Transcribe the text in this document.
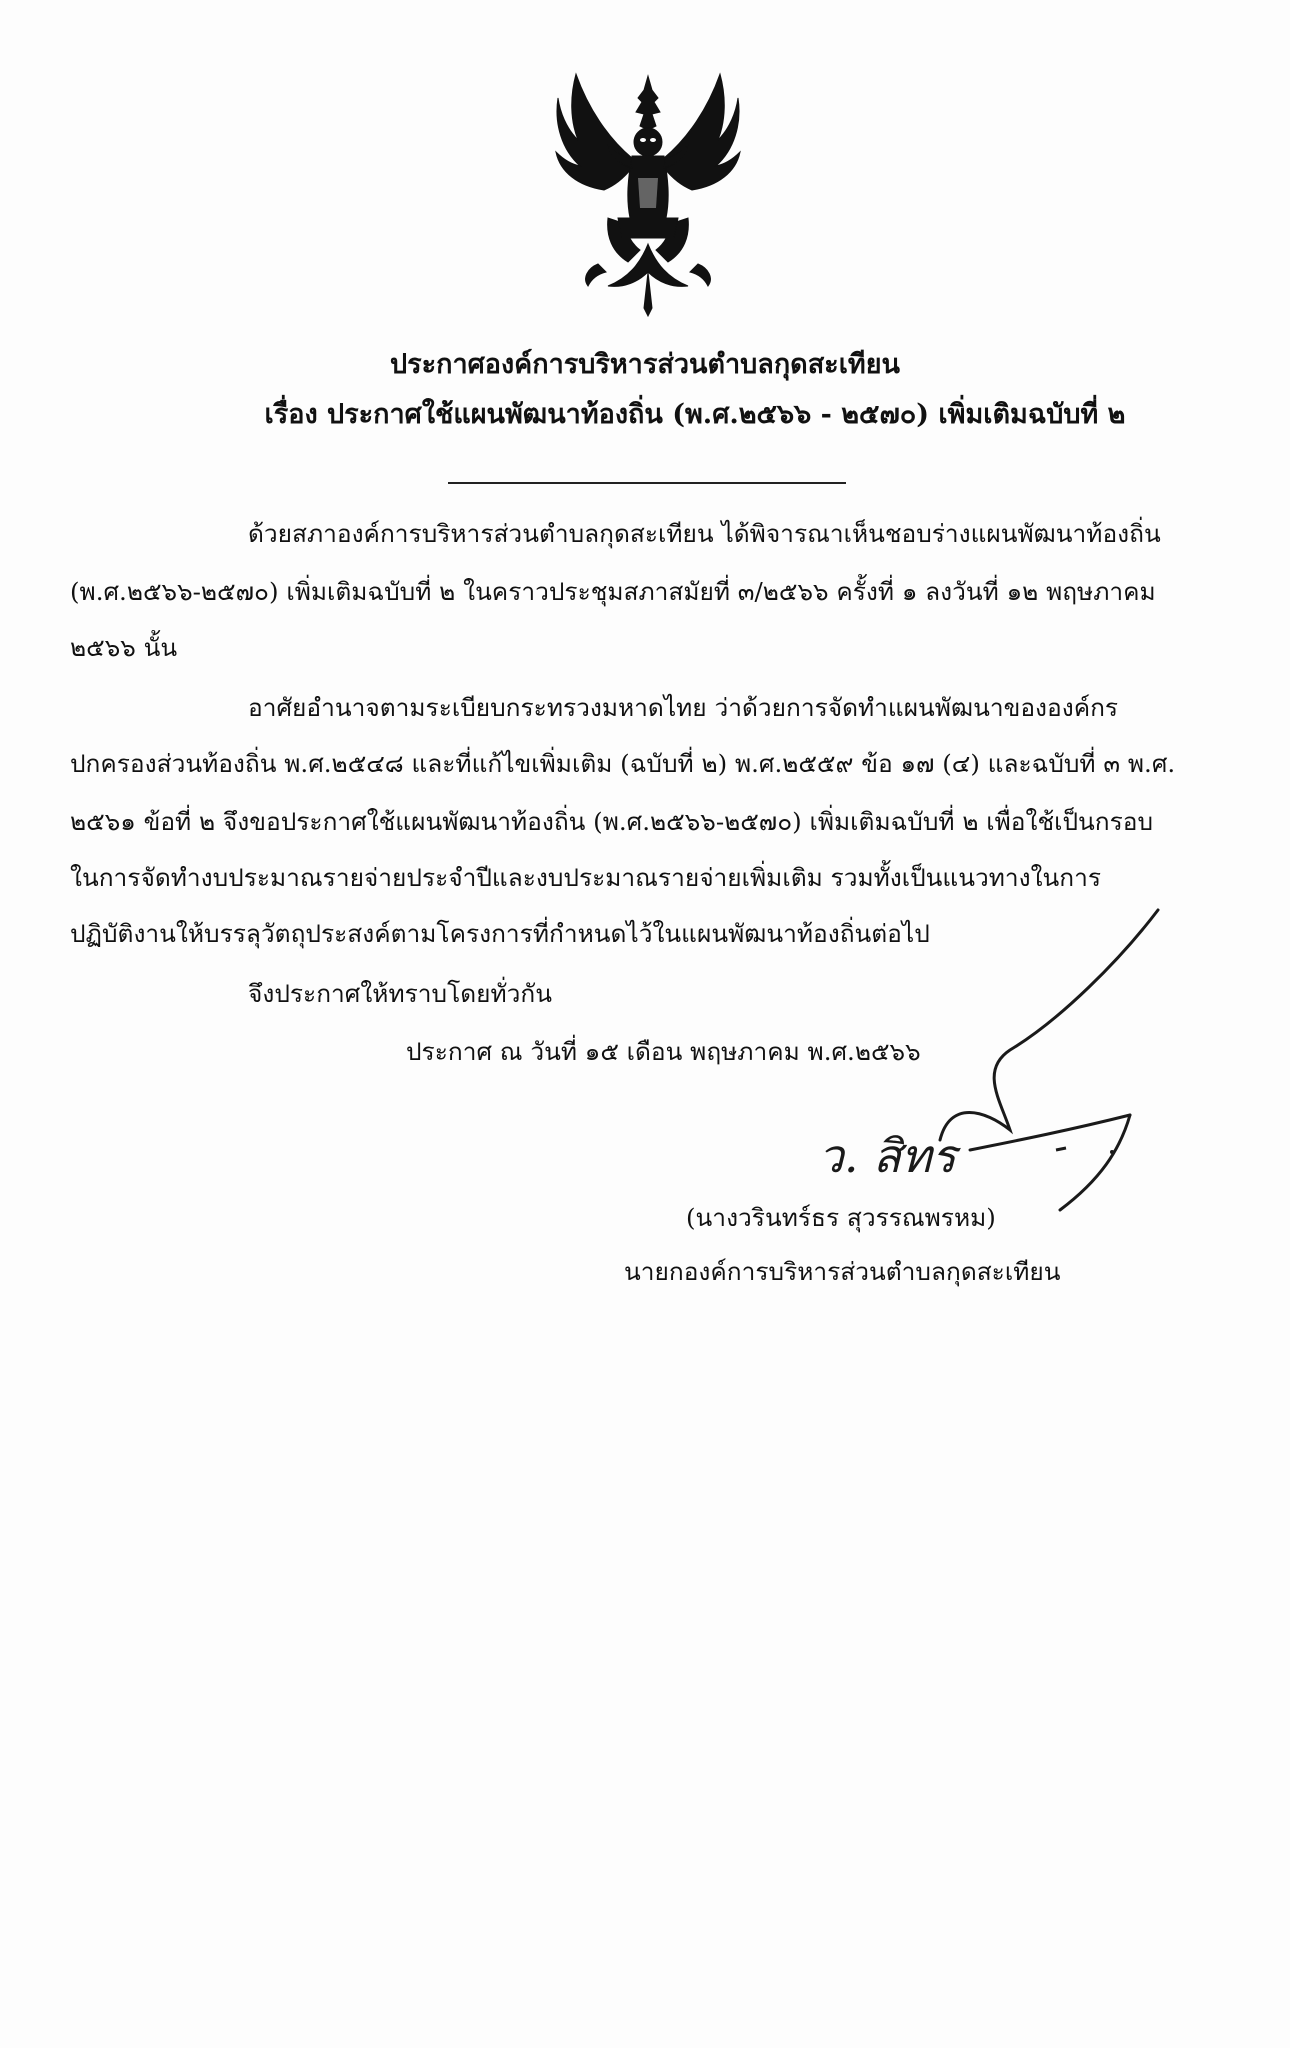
ประกาศองค์การบริหารส่วนตำบลกุดสะเทียน
เรื่อง ประกาศใช้แผนพัฒนาท้องถิ่น (พ.ศ.๒๕๖๖ - ๒๕๗๐) เพิ่มเติมฉบับที่ ๒
ด้วยสภาองค์การบริหารส่วนตำบลกุดสะเทียน ได้พิจารณาเห็นชอบร่างแผนพัฒนาท้องถิ่น
(พ.ศ.๒๕๖๖-๒๕๗๐) เพิ่มเติมฉบับที่ ๒ ในคราวประชุมสภาสมัยที่ ๓/๒๕๖๖ ครั้งที่ ๑ ลงวันที่ ๑๒ พฤษภาคม
๒๕๖๖ นั้น
อาศัยอำนาจตามระเบียบกระทรวงมหาดไทย ว่าด้วยการจัดทำแผนพัฒนาขององค์กร
ปกครองส่วนท้องถิ่น พ.ศ.๒๕๔๘ และที่แก้ไขเพิ่มเติม (ฉบับที่ ๒) พ.ศ.๒๕๕๙ ข้อ ๑๗ (๔) และฉบับที่ ๓ พ.ศ.
๒๕๖๑ ข้อที่ ๒ จึงขอประกาศใช้แผนพัฒนาท้องถิ่น (พ.ศ.๒๕๖๖-๒๕๗๐) เพิ่มเติมฉบับที่ ๒ เพื่อใช้เป็นกรอบ
ในการจัดทำงบประมาณรายจ่ายประจำปีและงบประมาณรายจ่ายเพิ่มเติม รวมทั้งเป็นแนวทางในการ
ปฏิบัติงานให้บรรลุวัตถุประสงค์ตามโครงการที่กำหนดไว้ในแผนพัฒนาท้องถิ่นต่อไป
จึงประกาศให้ทราบโดยทั่วกัน
ประกาศ ณ วันที่ ๑๕ เดือน พฤษภาคม พ.ศ.๒๕๖๖
ว. สิทร
(นางวรินทร์ธร สุวรรณพรหม)
นายกองค์การบริหารส่วนตำบลกุดสะเทียน
